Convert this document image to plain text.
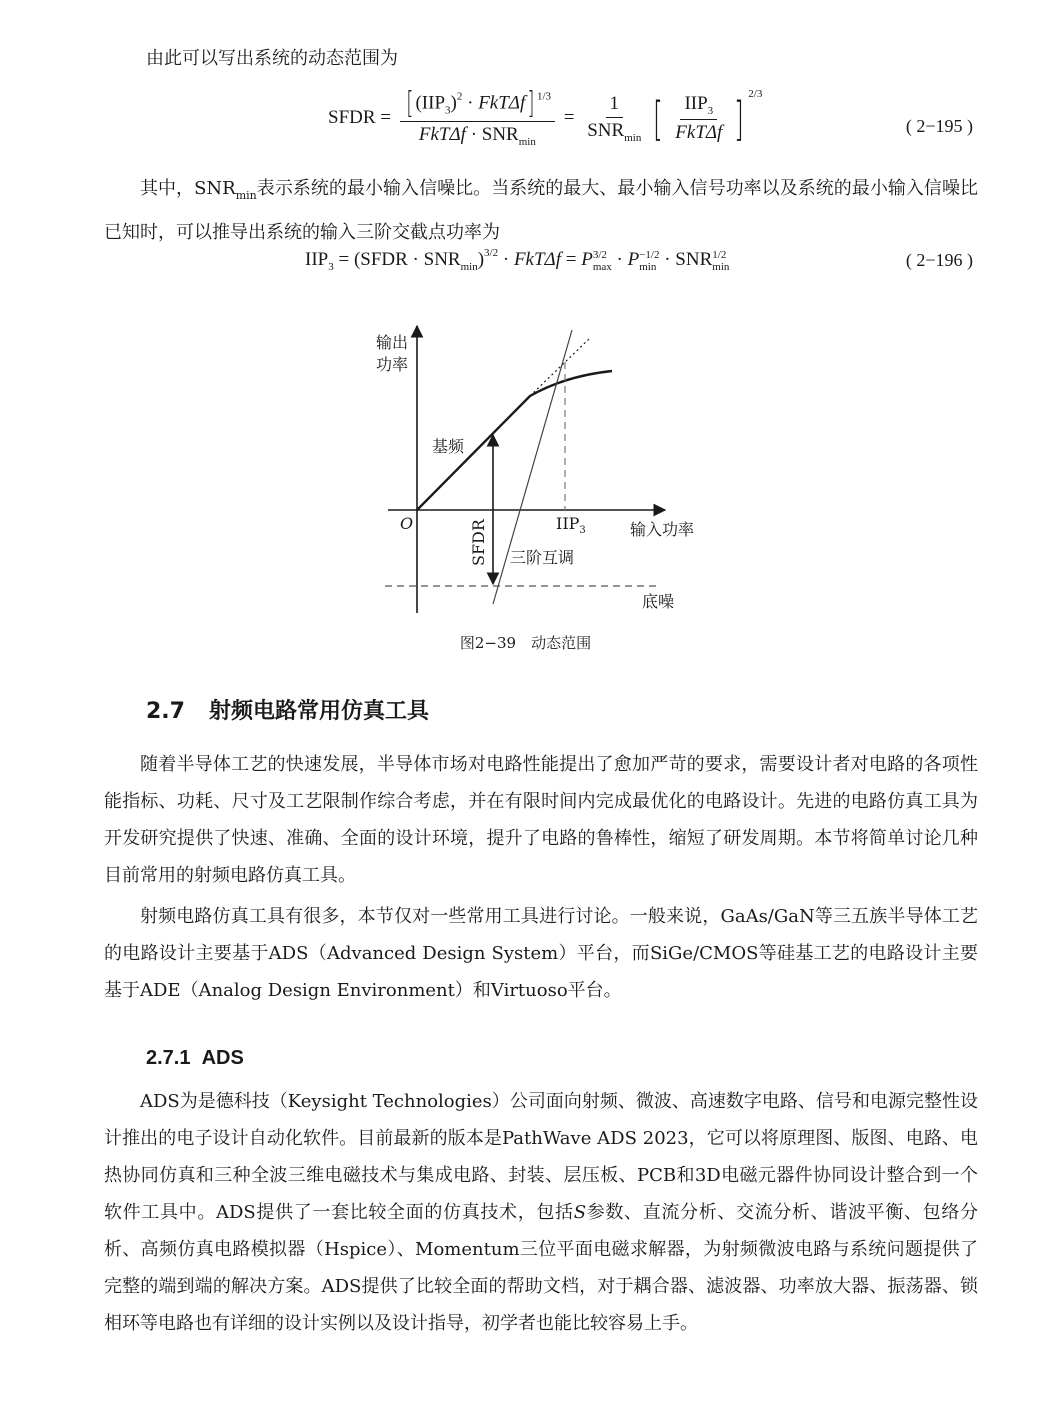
由此可以写出系统的动态范围为

SFDR = $\frac{[ (IIP_3)^2 \cdot FkT\Delta f] ^{1/3}}{FkT\Delta f \cdot SNR_{min}} = \frac{1}{SNR_{min}}$ [ $\frac{IIP_3}{\text{FkTΔf}}$ ] $^{2/3}$
( 2−195 )

其中，$SNR_{min}$表示系统的最小输入信噪比。当系统的最大、最小输入信号功率以及系统的最小输入信噪比已知时，可以推导出系统的输入三阶交截点功率为

$IIP_3$ = (SFDR · $SNR_{min})^{3/2} \cdot FkT\Delta f = P$ 3/2
max · P −1/2
min · SNR 1/2
min	( 2−196 )
输出
功率
输入功率
O
基频
$IIP_3$
SFDR 三阶互调
底噪
图2−39　动态范围
2.7 射频电路常用仿真工具

随着半导体工艺的快速发展，半导体市场对电路性能提出了愈加严苛的要求，需要设计者对电路的各项性能指标、功耗、尺寸及工艺限制作综合考虑，并在有限时间内完成最优化的电路设计。先进的电路仿真工具为开发研究提供了快速、准确、全面的设计环境，提升了电路的鲁棒性，缩短了研发周期。本节将简单讨论几种目前常用的射频电路仿真工具。

射频电路仿真工具有很多，本节仅对一些常用工具进行讨论。一般来说，GaAs/GaN等三五族半导体工艺的电路设计主要基于ADS（Advanced Design System）平台，而SiGe/CMOS等硅基工艺的电路设计主要基于ADE（Analog Design Environment）和Virtuoso平台。

2.7.1 ADS

ADS为是德科技（Keysight Technologies）公司面向射频、微波、高速数字电路、信号和电源完整性设计推出的电子设计自动化软件。目前最新的版本是PathWave ADS 2023，它可以将原理图、版图、电路、电热协同仿真和三种全波三维电磁技术与集成电路、封装、层压板、PCB和3D电磁元器件协同设计整合到一个软件工具中。ADS提供了一套比较全面的仿真技术，包括S参数、直流分析、交流分析、谐波平衡、包络分析、高频仿真电路模拟器（Hspice）、Momentum三位平面电磁求解器，为射频微波电路与系统问题提供了完整的端到端的解决方案。ADS提供了比较全面的帮助文档，对于耦合器、滤波器、功率放大器、振荡器、锁相环等电路也有详细的设计实例以及设计指导，初学者也能比较容易上手。
